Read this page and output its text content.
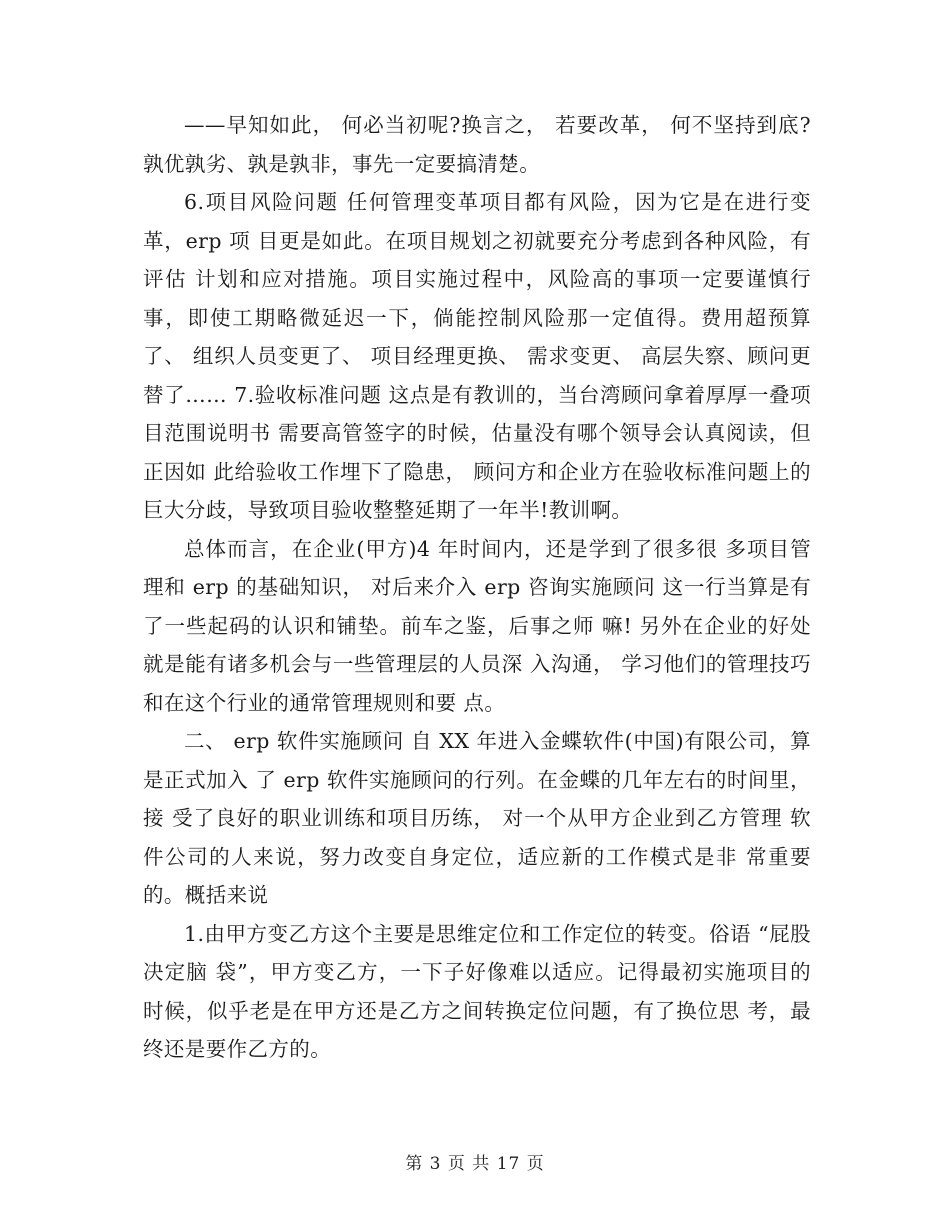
——早知如此， 何必当初呢?换言之， 若要改革， 何不坚持到底?孰优孰劣、孰是孰非，事先一定要搞清楚。

6.项目风险问题 任何管理变革项目都有风险，因为它是在进行变革，erp 项 目更是如此。在项目规划之初就要充分考虑到各种风险，有评估 计划和应对措施。项目实施过程中，风险高的事项一定要谨慎行 事，即使工期略微延迟一下，倘能控制风险那一定值得。费用超预算了、 组织人员变更了、 项目经理更换、 需求变更、 高层失察、顾问更替了…… 7.验收标准问题 这点是有教训的，当台湾顾问拿着厚厚一叠项目范围说明书 需要高管签字的时候，估量没有哪个领导会认真阅读，但正因如 此给验收工作埋下了隐患， 顾问方和企业方在验收标准问题上的 巨大分歧，导致项目验收整整延期了一年半!教训啊。

总体而言，在企业(甲方)4 年时间内，还是学到了很多很 多项目管理和 erp 的基础知识， 对后来介入 erp 咨询实施顾问 这一行当算是有了一些起码的认识和铺垫。前车之鉴，后事之师 嘛! 另外在企业的好处就是能有诸多机会与一些管理层的人员深 入沟通， 学习他们的管理技巧和在这个行业的通常管理规则和要 点。

二、 erp 软件实施顾问 自 XX 年进入金蝶软件(中国)有限公司，算是正式加入 了 erp 软件实施顾问的行列。在金蝶的几年左右的时间里，接 受了良好的职业训练和项目历练， 对一个从甲方企业到乙方管理 软件公司的人来说，努力改变自身定位，适应新的工作模式是非 常重要的。概括来说

1.由甲方变乙方这个主要是思维定位和工作定位的转变。俗语 “屁股决定脑 袋”，甲方变乙方，一下子好像难以适应。记得最初实施项目的 时候，似乎老是在甲方还是乙方之间转换定位问题，有了换位思 考，最终还是要作乙方的。

第 3 页 共 17 页
